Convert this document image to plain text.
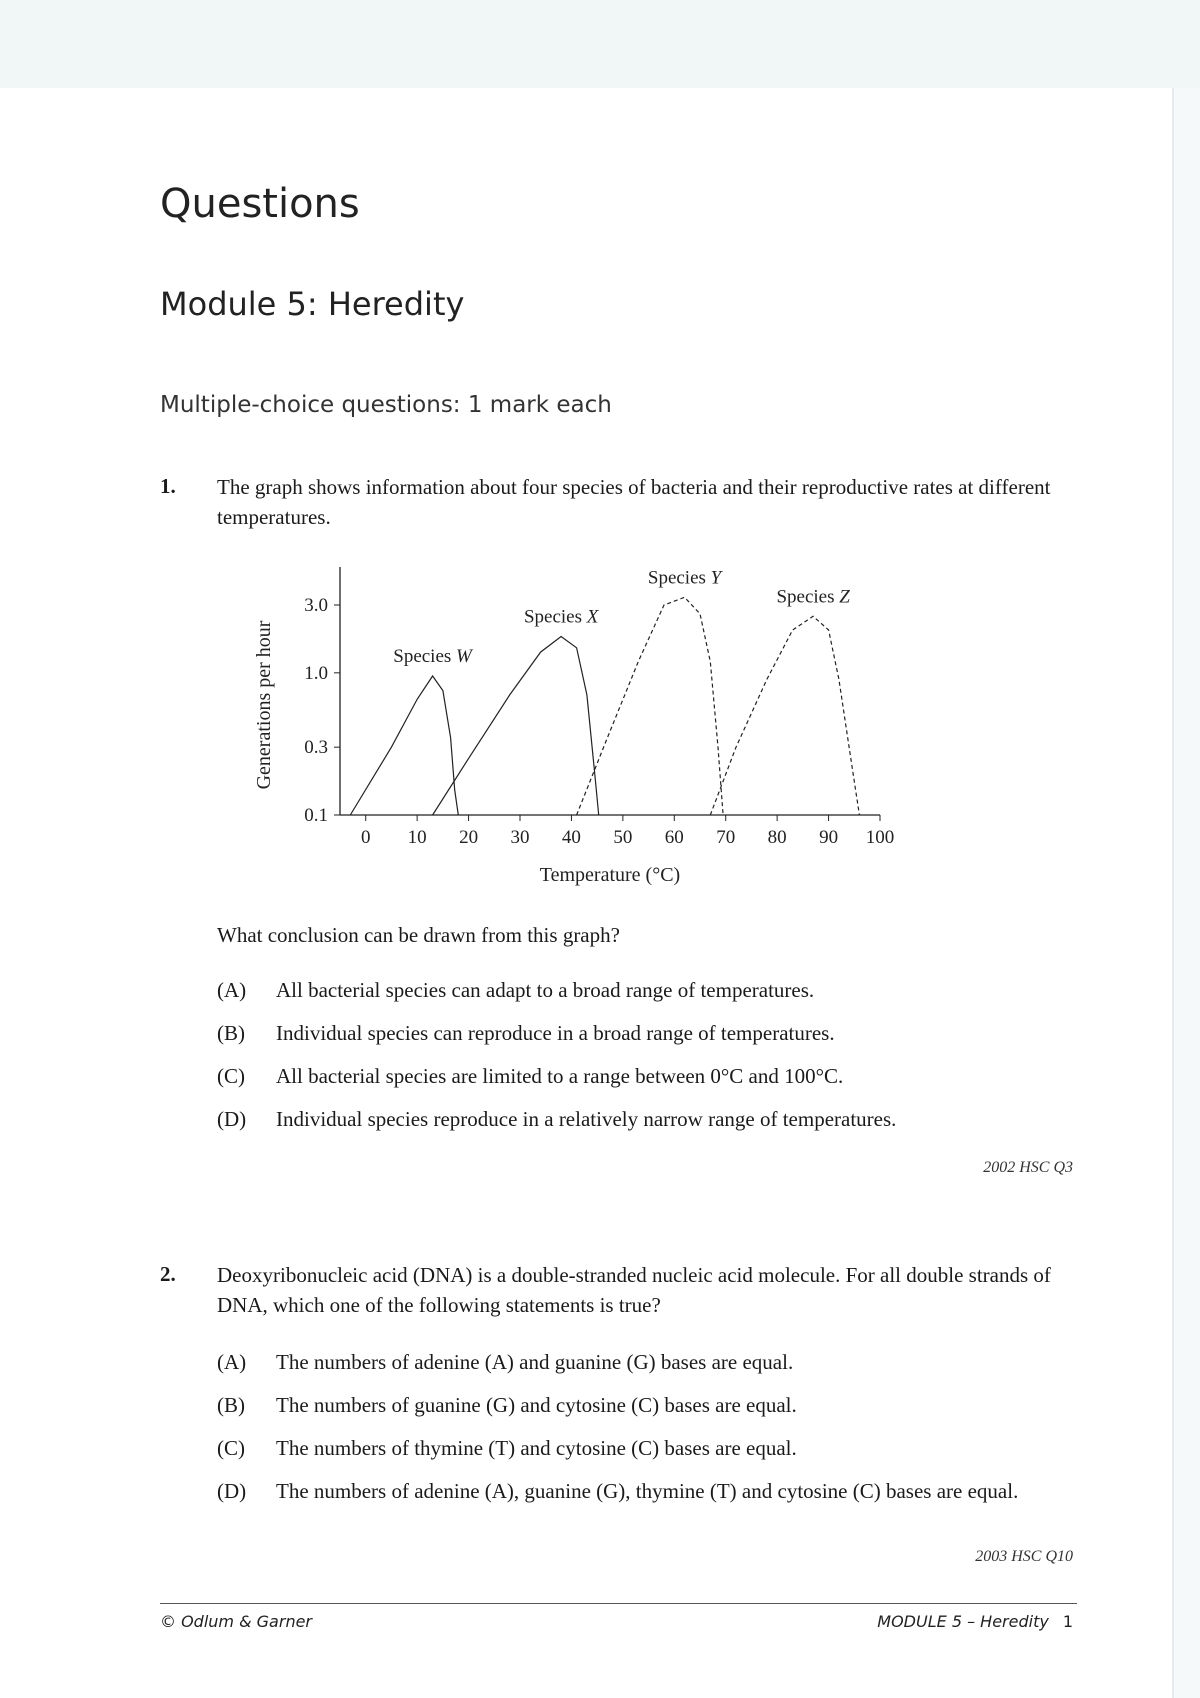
Questions
Module 5: Heredity
Multiple-choice questions: 1 mark each
1. The graph shows information about four species of bacteria and their reproductive rates at different temperatures.
0 10 20 30 40 50 60 70 80 90 100
0.1
0.3
1.0
3.0
Temperature (°C)
Generations per hour	Species W
Species X
Species Y
Species Z
What conclusion can be drawn from this graph?
(A)	All bacterial species can adapt to a broad range of temperatures.
(B)	Individual species can reproduce in a broad range of temperatures.
(C)	All bacterial species are limited to a range between 0°C and 100°C.
(D)	Individual species reproduce in a relatively narrow range of temperatures.
2002 HSC Q3
2. Deoxyribonucleic acid (DNA) is a double-stranded nucleic acid molecule. For all double strands of DNA, which one of the following statements is true?
(A)	The numbers of adenine (A) and guanine (G) bases are equal.
(B)	The numbers of guanine (G) and cytosine (C) bases are equal.
(C)	The numbers of thymine (T) and cytosine (C) bases are equal.
(D)	The numbers of adenine (A), guanine (G), thymine (T) and cytosine (C) bases are equal.
2003 HSC Q10
© Odlum & Garner	MODULE 5 – Heredity 1
